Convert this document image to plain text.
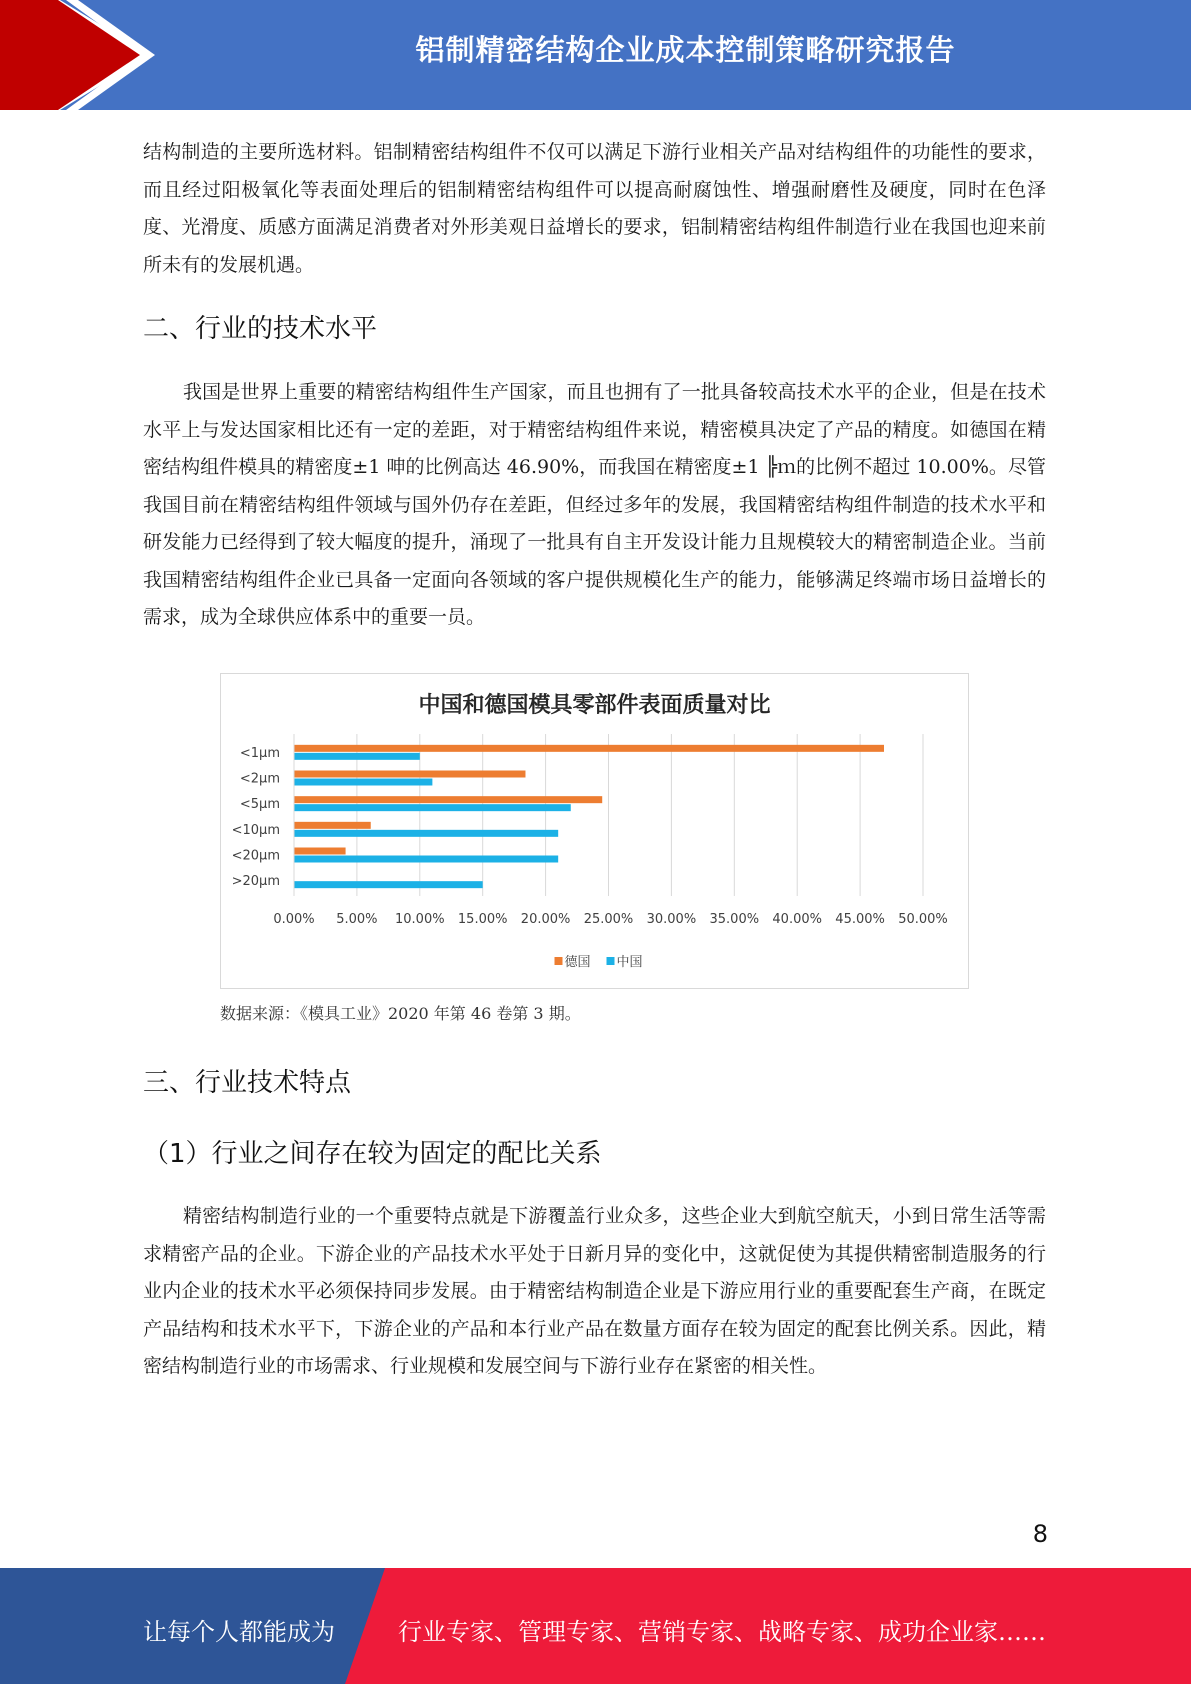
铝制精密结构企业成本控制策略研究报告

结构制造的主要所选材料。铝制精密结构组件不仅可以满足下游行业相关产品对结构组件的功能性的要求，而且经过阳极氧化等表面处理后的铝制精密结构组件可以提高耐腐蚀性、增强耐磨性及硬度，同时在色泽度、光滑度、质感方面满足消费者对外形美观日益增长的要求，铝制精密结构组件制造行业在我国也迎来前所未有的发展机遇。

二、行业的技术水平

我国是世界上重要的精密结构组件生产国家，而且也拥有了一批具备较高技术水平的企业，但是在技术水平上与发达国家相比还有一定的差距，对于精密结构组件来说，精密模具决定了产品的精度。如德国在精密结构组件模具的精密度±1 呻的比例高达 46.90%，而我国在精密度±1 ╠ｍ的比例不超过 10.00%。尽管我国目前在精密结构组件领域与国外仍存在差距，但经过多年的发展，我国精密结构组件制造的技术水平和研发能力已经得到了较大幅度的提升，涌现了一批具有自主开发设计能力且规模较大的精密制造企业。当前我国精密结构组件企业已具备一定面向各领域的客户提供规模化生产的能力，能够满足终端市场日益增长的需求，成为全球供应体系中的重要一员。

中国和德国模具零部件表面质量对比
0.00% 5.00% 10.00% 15.00% 20.00% 25.00% 30.00% 35.00% 40.00% 45.00% 50.00%
<1μm
<2μm
<5μm
<10μm
<20μm
>20μm
德国 中国
数据来源：《模具工业》2020 年第 46 卷第 3 期。
三、行业技术特点
（1）行业之间存在较为固定的配比关系

精密结构制造行业的一个重要特点就是下游覆盖行业众多，这些企业大到航空航天，小到日常生活等需求精密产品的企业。下游企业的产品技术水平处于日新月异的变化中，这就促使为其提供精密制造服务的行业内企业的技术水平必须保持同步发展。由于精密结构制造企业是下游应用行业的重要配套生产商，在既定产品结构和技术水平下，下游企业的产品和本行业产品在数量方面存在较为固定的配套比例关系。因此，精密结构制造行业的市场需求、行业规模和发展空间与下游行业存在紧密的相关性。

8
让每个人都能成为	行业专家、管理专家、营销专家、战略专家、成功企业家……
